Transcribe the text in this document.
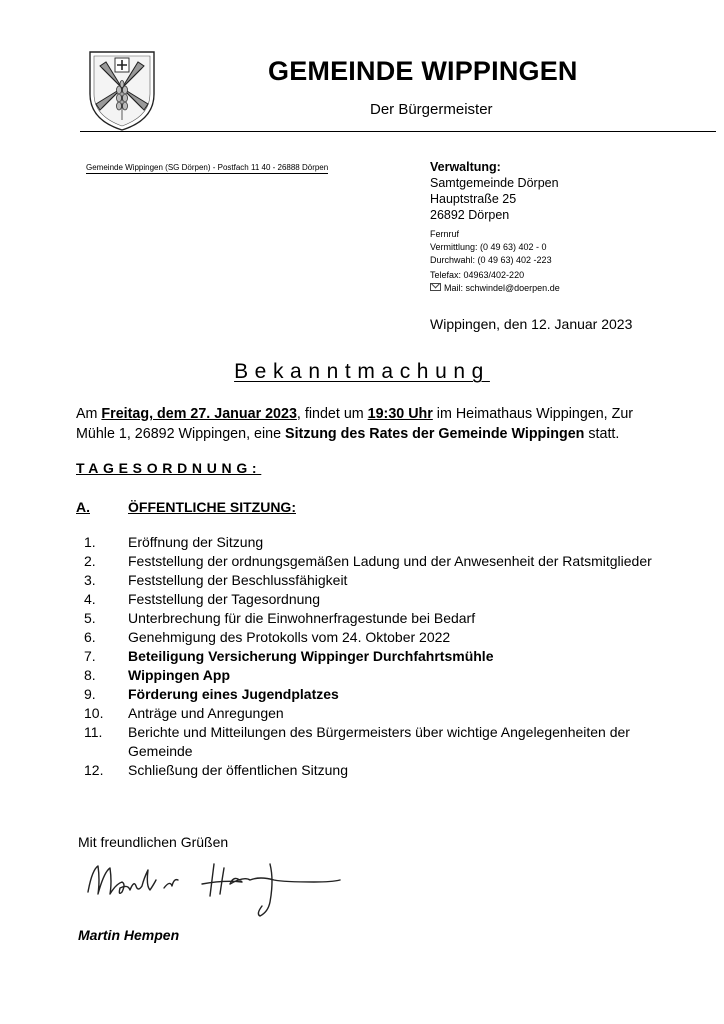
GEMEINDE WIPPINGEN
Der Bürgermeister
Gemeinde Wippingen (SG Dörpen) - Postfach 11 40 - 26888 Dörpen	Verwaltung:
Samtgemeinde Dörpen
Hauptstraße 25
26892 Dörpen
Fernruf
Vermittlung: (0 49 63) 402 - 0
Durchwahl: (0 49 63) 402 -223
Telefax: 04963/402-220
Mail: schwindel@doerpen.de
Wippingen, den 12. Januar 2023
Bekanntmachung
Am Freitag, dem 27. Januar 2023, findet um 19:30 Uhr im Heimathaus Wippingen, Zur Mühle 1, 26892 Wippingen, eine Sitzung des Rates der Gemeinde Wippingen statt.
TAGESORDNUNG:
A.	ÖFFENTLICHE SITZUNG:
1.	Eröffnung der Sitzung
2.	Feststellung der ordnungsgemäßen Ladung und der Anwesenheit der Ratsmitglieder
3.	Feststellung der Beschlussfähigkeit
4.	Feststellung der Tagesordnung
5.	Unterbrechung für die Einwohnerfragestunde bei Bedarf
6.	Genehmigung des Protokolls vom 24. Oktober 2022
7.	Beteiligung Versicherung Wippinger Durchfahrtsmühle
8.	Wippingen App
9.	Förderung eines Jugendplatzes
10.	Anträge und Anregungen
11.	Berichte und Mitteilungen des Bürgermeisters über wichtige Angelegenheiten der Gemeinde
12.	Schließung der öffentlichen Sitzung
Mit freundlichen Grüßen
Martin Hempen
